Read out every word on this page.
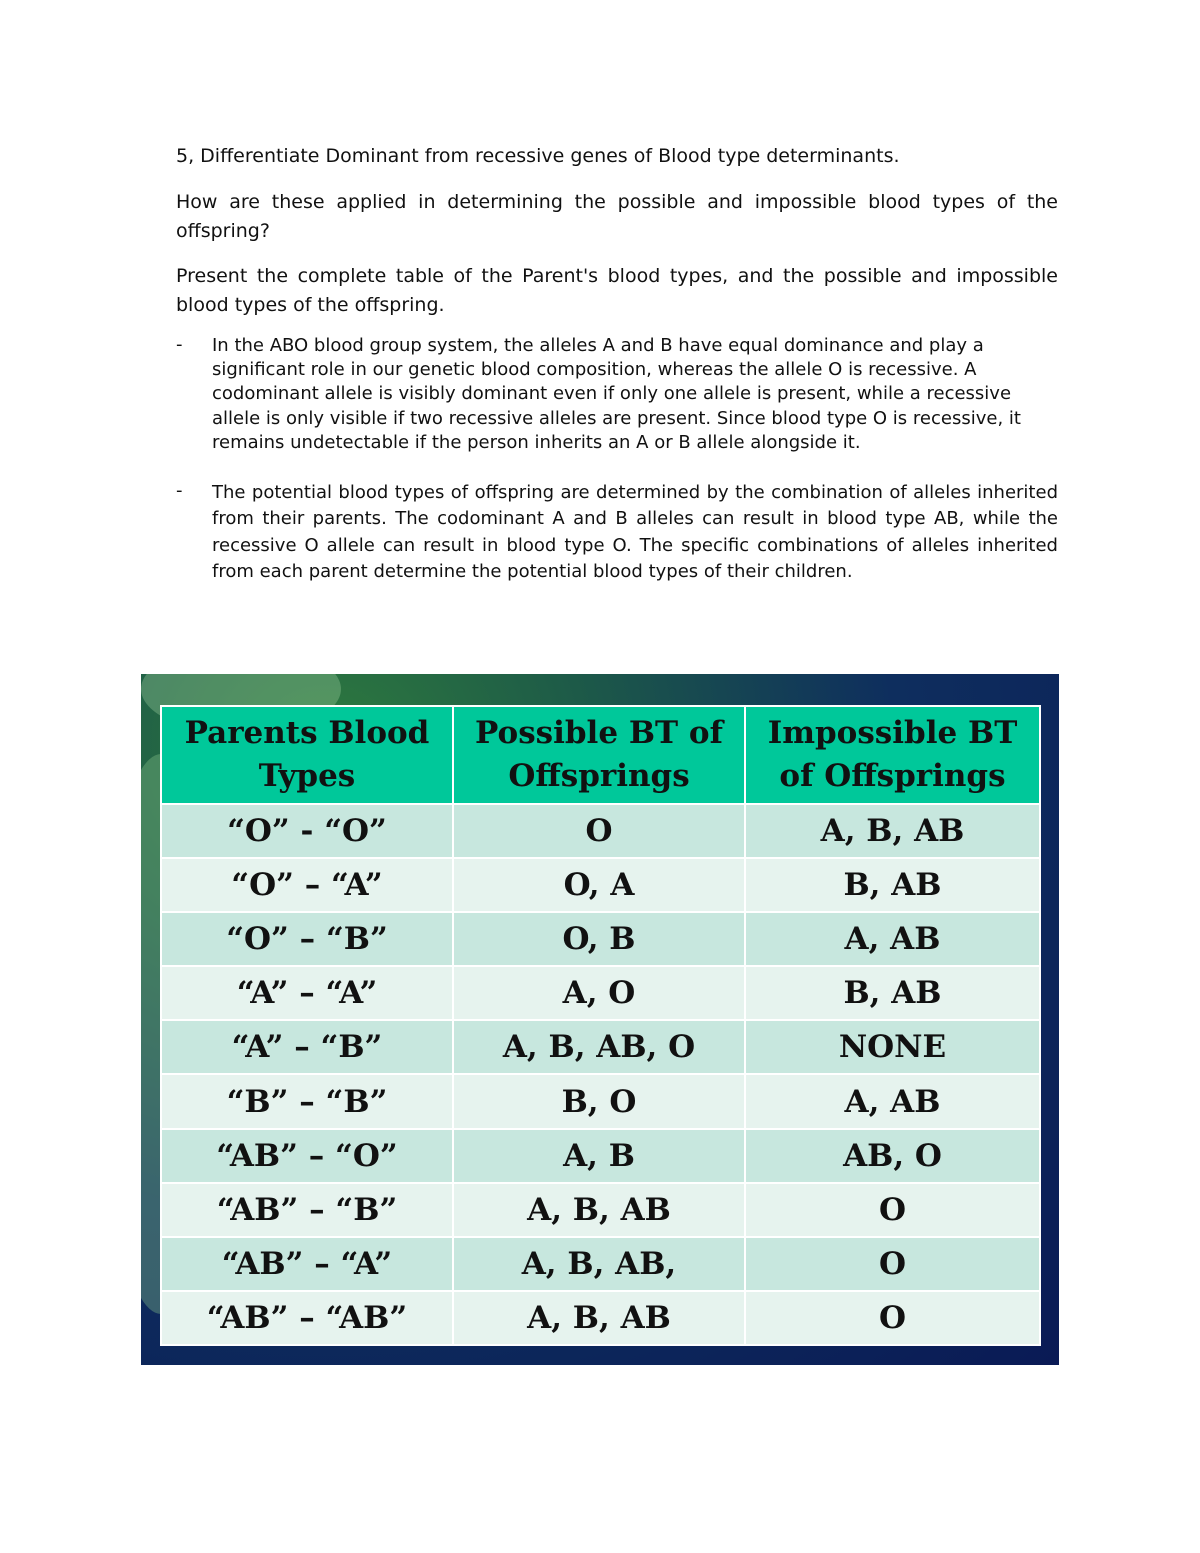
5, Differentiate Dominant from recessive genes of Blood type determinants.
How are these applied in determining the possible and impossible blood types of the offspring?
Present the complete table of the Parent's blood types, and the possible and impossible blood types of the offspring.
- In the ABO blood group system, the alleles A and B have equal dominance and play a significant role in our genetic blood composition, whereas the allele O is recessive. A codominant allele is visibly dominant even if only one allele is present, while a recessive allele is only visible if two recessive alleles are present. Since blood type O is recessive, it remains undetectable if the person inherits an A or B allele alongside it.
- The potential blood types of offspring are determined by the combination of alleles inherited from their parents. The codominant A and B alleles can result in blood type AB, while the recessive O allele can result in blood type O. The specific combinations of alleles inherited from each parent determine the potential blood types of their children.
Parents Blood Types	Possible BT of Offsprings	Impossible BT of Offsprings
“O” - “O”	O	A, B, AB
“O” – “A”	O, A	B, AB
“O” – “B”	O, B	A, AB
“A” – “A”	A, O	B, AB
“A” – “B”	A, B, AB, O	NONE
“B” – “B”	B, O	A, AB
“AB” – “O”	A, B	AB, O
“AB” – “B”	A, B, AB	O
“AB” – “A”	A, B, AB,	O
“AB” – “AB”	A, B, AB	O
